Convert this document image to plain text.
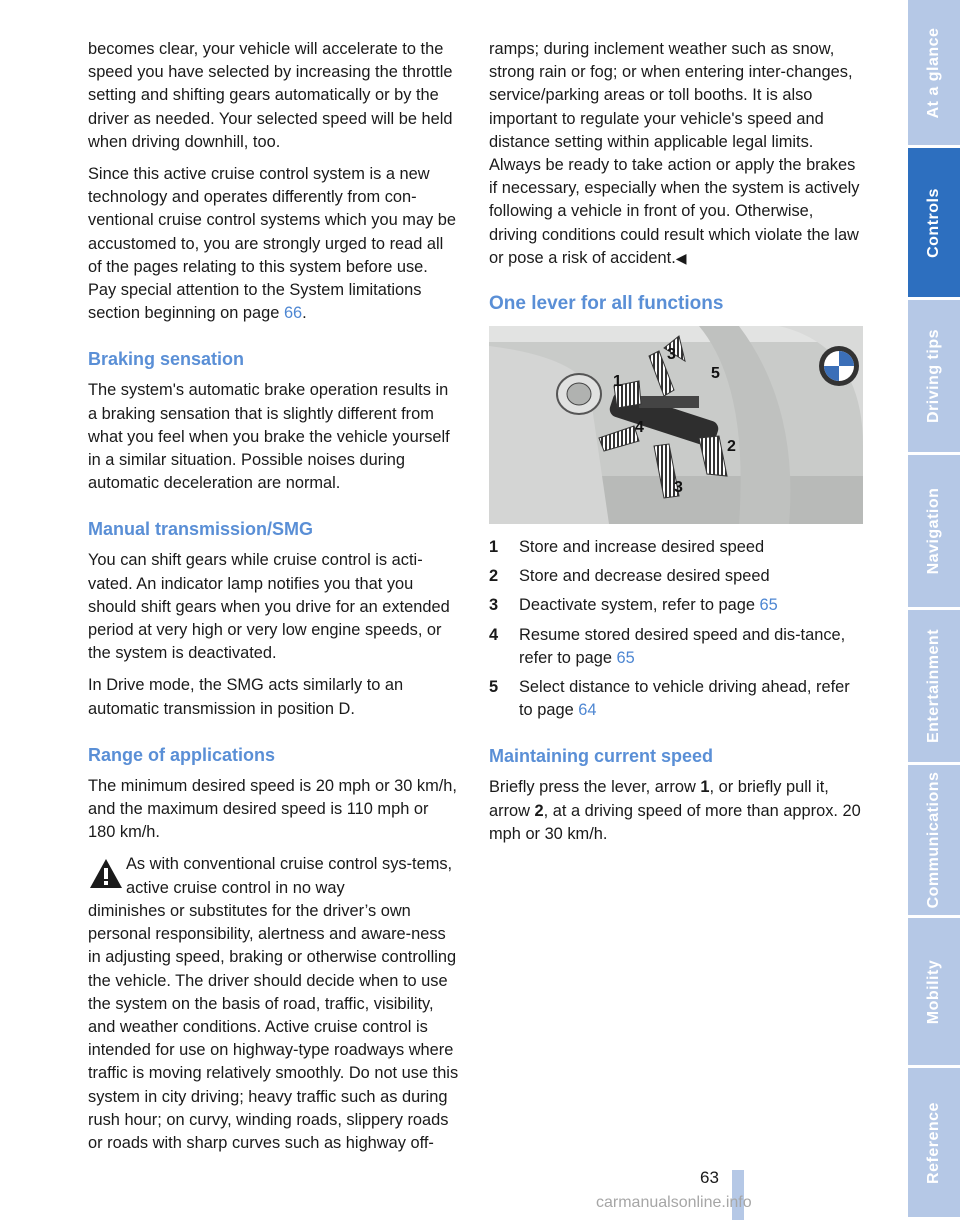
becomes clear, your vehicle will accelerate to the speed you have selected by increasing the throttle setting and shifting gears automatically or by the driver as needed. Your selected speed will be held when driving downhill, too.

Since this active cruise control system is a new technology and operates differently from con-ventional cruise control systems which you may be accustomed to, you are strongly urged to read all of the pages relating to this system before use. Pay special attention to the System limitations section beginning on page 66.

Braking sensation

The system's automatic brake operation results in a braking sensation that is slightly different from what you feel when you brake the vehicle yourself in a similar situation. Possible noises during automatic deceleration are normal.

Manual transmission/SMG

You can shift gears while cruise control is acti-vated. An indicator lamp notifies you that you should shift gears when you drive for an extended period at very high or very low engine speeds, or the system is deactivated.

In Drive mode, the SMG acts similarly to an automatic transmission in position D.

Range of applications

The minimum desired speed is 20 mph or 30 km/h, and the maximum desired speed is 110 mph or 180 km/h.

As with conventional cruise control sys-tems, active cruise control in no way
diminishes or substitutes for the driver’s own personal responsibility, alertness and aware-ness in adjusting speed, braking or otherwise controlling the vehicle. The driver should decide when to use the system on the basis of road, traffic, visibility, and weather conditions. Active cruise control is intended for use on highway-type roadways where traffic is moving relatively smoothly. Do not use this system in city driving; heavy traffic such as during rush hour; on curvy, winding roads, slippery roads or roads with sharp curves such as highway off-

ramps; during inclement weather such as snow, strong rain or fog; or when entering inter-changes, service/parking areas or toll booths. It is also important to regulate your vehicle's speed and distance setting within applicable legal limits. Always be ready to take action or apply the brakes if necessary, especially when the system is actively following a vehicle in front of you. Otherwise, driving conditions could result which violate the law or pose a risk of accident.◀

One lever for all functions
3
1	5
4
2
3
1	Store and increase desired speed
2	Store and decrease desired speed
3	Deactivate system, refer to page 65
4	Resume stored desired speed and dis-tance, refer to page 65
5	Select distance to vehicle driving ahead, refer to page 64
Maintaining current speed

Briefly press the lever, arrow 1, or briefly pull it, arrow 2, at a driving speed of more than approx. 20 mph or 30 km/h.

At a glance
Controls
Driving tips
Navigation
Entertainment
Communications
Mobility
Reference
63
carmanualsonline.info
